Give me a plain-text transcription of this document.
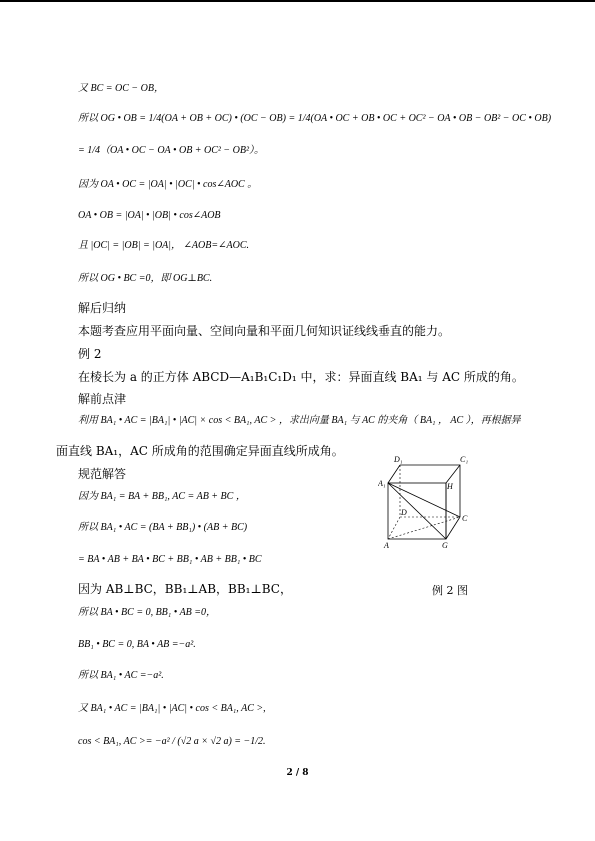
又 BC = OC − OB，
所以 OG • OB = 1/4(OA + OB + OC) • (OC − OB) = 1/4(OA • OC + OB • OC + OC² − OA • OB − OB² − OC • OB)
= 1/4（OA • OC − OA • OB + OC² − OB²）。
因为 OA • OC = |OA| • |OC| • cos∠AOC 。
OA • OB = |OA| • |OB| • cos∠AOB
且 |OC| = |OB| = |OA|， ∠AOB=∠AOC.
所以 OG • BC =0，即 OG⊥BC.
解后归纳
本题考查应用平面向量、空间向量和平面几何知识证线线垂直的能力。
例 2
在棱长为 a 的正方体 ABCD—A₁B₁C₁D₁ 中，求：异面直线 BA₁ 与 AC 所成的角。
解前点津
利用 BA₁ • AC = |BA₁| • |AC| × cos < BA₁, AC > ，求出向量 BA₁ 与 AC 的夹角（ BA₁ ， AC ），再根据异
面直线 BA₁，AC 所成角的范围确定异面直线所成角。
规范解答
因为 BA₁ = BA + BB₁, AC = AB + BC ，
所以 BA₁ • AC = (BA + BB₁) • (AB + BC)
= BA • AB + BA • BC + BB₁ • AB + BB₁ • BC
因为 AB⊥BC，BB₁⊥AB，BB₁⊥BC，
所以 BA • BC = 0, BB₁ • AB =0，
BB₁ • BC = 0, BA • AB =−a².
所以 BA₁ • AC =−a².
又 BA₁ • AC = |BA₁| • |AC| • cos < BA₁, AC >,
cos < BA₁, AC >= −a² / (√2 a × √2 a) = −1/2.
D₁	C₁
A₁	H
D
C
A	G
例 2 图
2 / 8
